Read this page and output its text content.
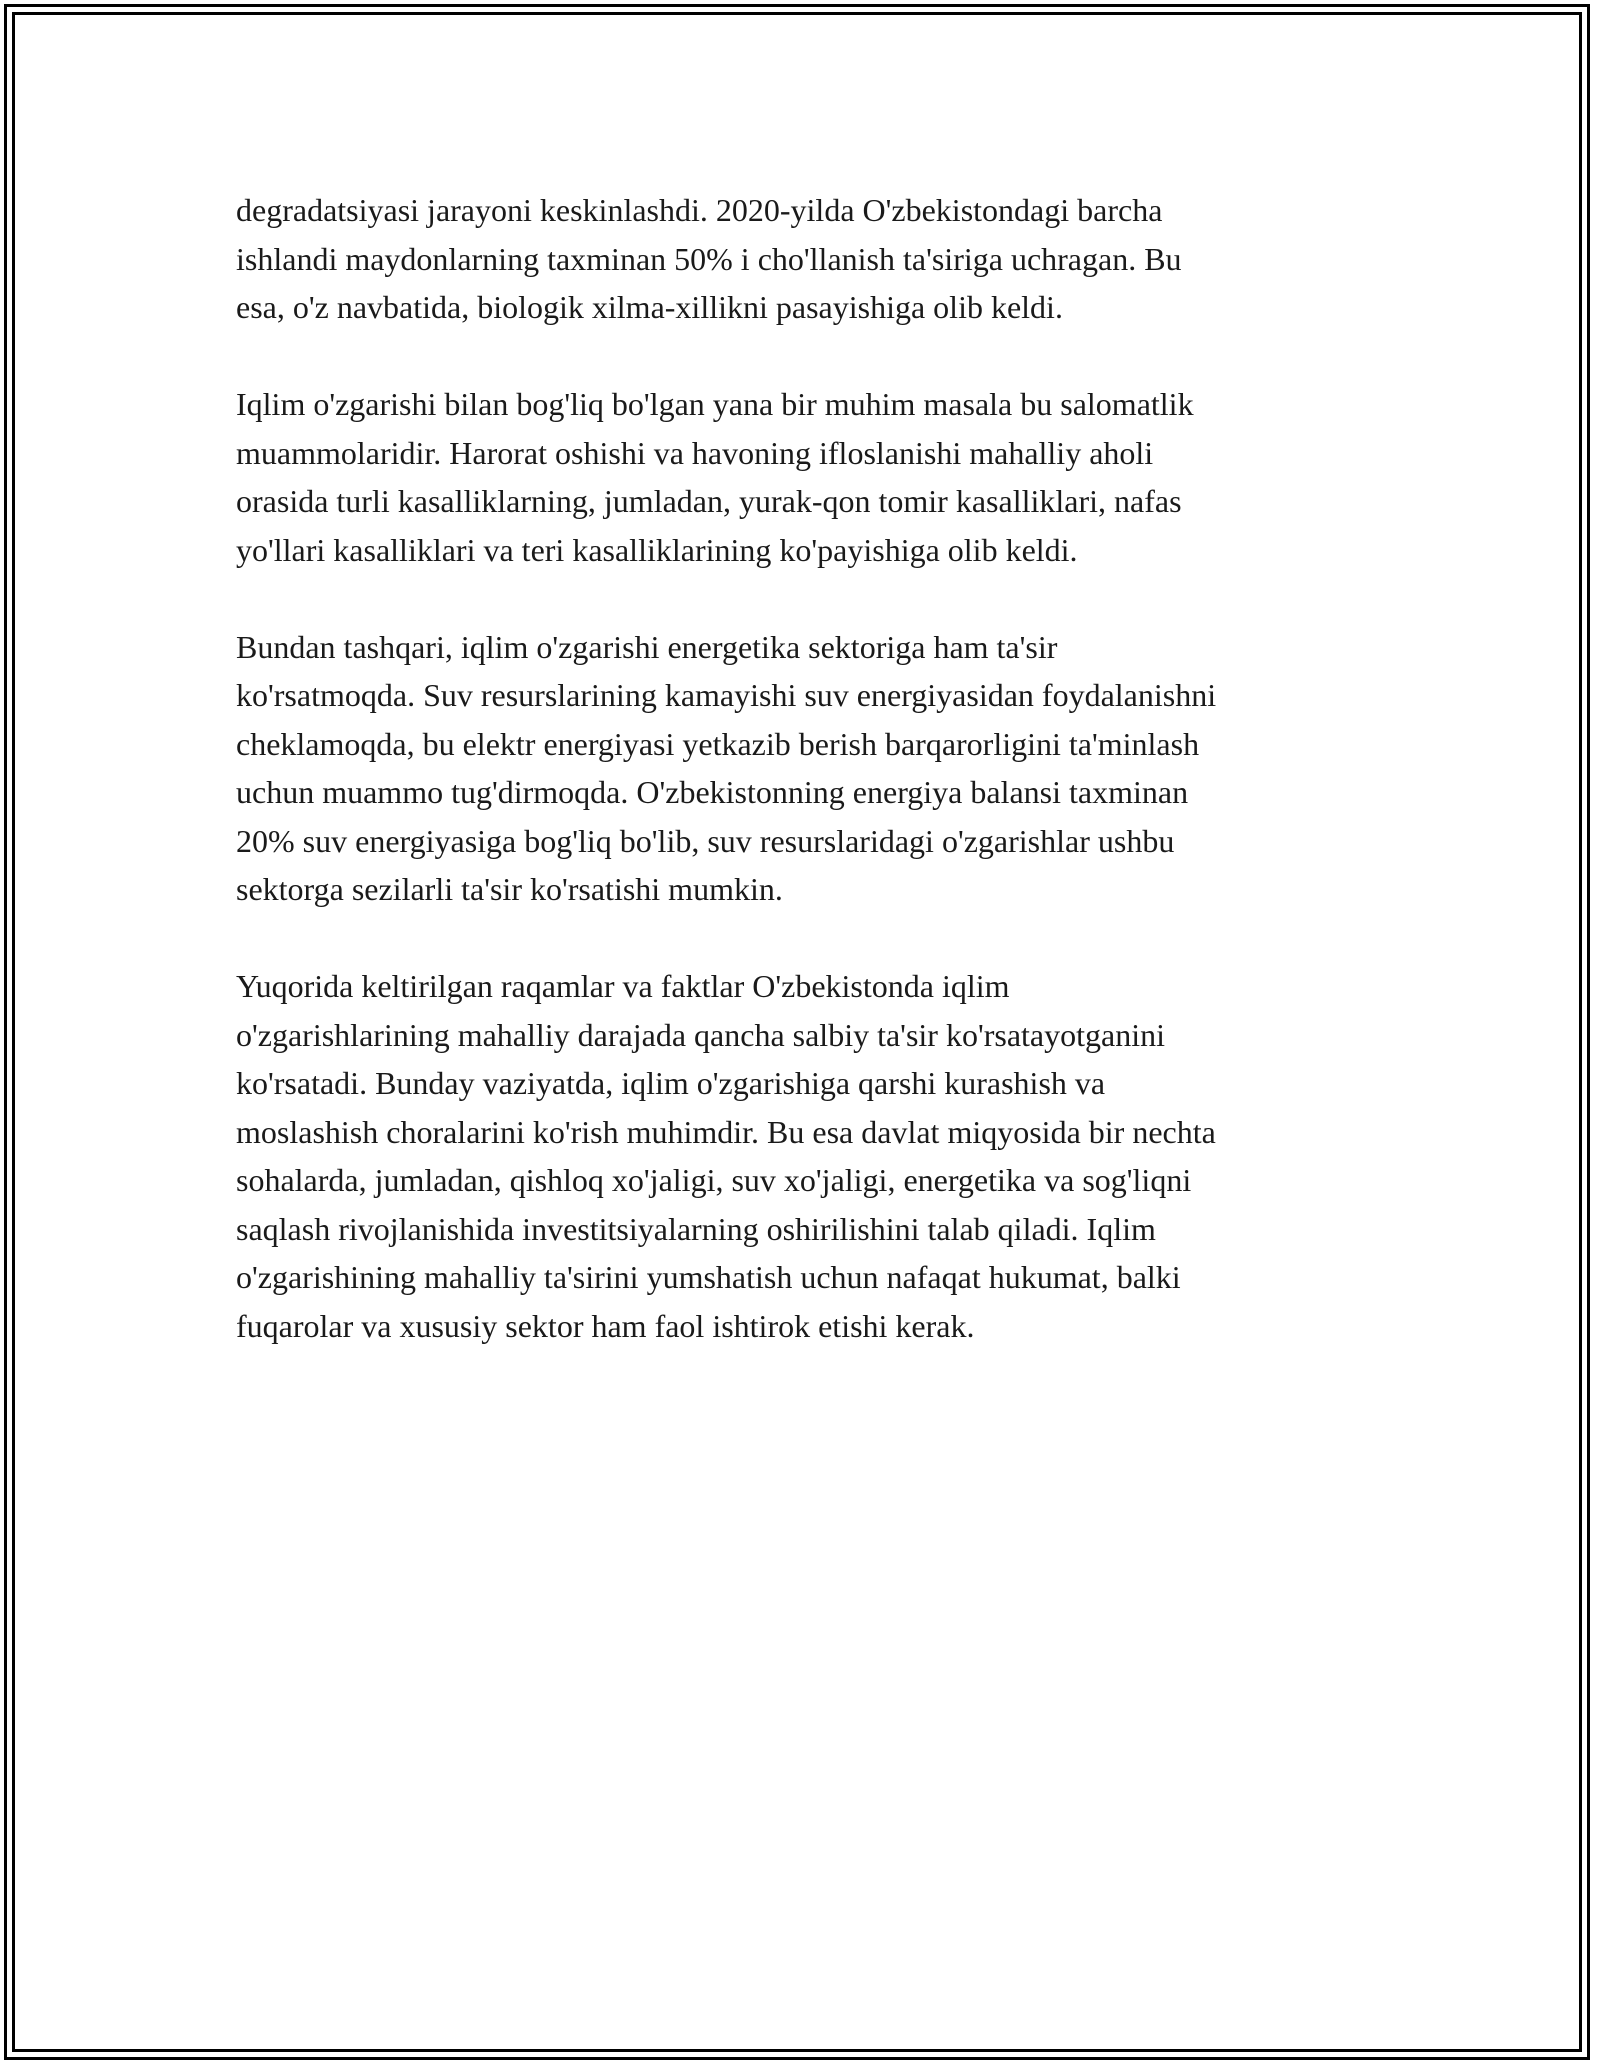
degradatsiyasi jarayoni keskinlashdi. 2020-yilda O'zbekistondagi barcha
ishlandi maydonlarning taxminan 50% i cho'llanish ta'siriga uchragan. Bu
esa, o'z navbatida, biologik xilma-xillikni pasayishiga olib keldi.

Iqlim o'zgarishi bilan bog'liq bo'lgan yana bir muhim masala bu salomatlik
muammolaridir. Harorat oshishi va havoning ifloslanishi mahalliy aholi
orasida turli kasalliklarning, jumladan, yurak-qon tomir kasalliklari, nafas
yo'llari kasalliklari va teri kasalliklarining ko'payishiga olib keldi.

Bundan tashqari, iqlim o'zgarishi energetika sektoriga ham ta'sir
ko'rsatmoqda. Suv resurslarining kamayishi suv energiyasidan foydalanishni
cheklamoqda, bu elektr energiyasi yetkazib berish barqarorligini ta'minlash
uchun muammo tug'dirmoqda. O'zbekistonning energiya balansi taxminan
20% suv energiyasiga bog'liq bo'lib, suv resurslaridagi o'zgarishlar ushbu
sektorga sezilarli ta'sir ko'rsatishi mumkin.

Yuqorida keltirilgan raqamlar va faktlar O'zbekistonda iqlim
o'zgarishlarining mahalliy darajada qancha salbiy ta'sir ko'rsatayotganini
ko'rsatadi. Bunday vaziyatda, iqlim o'zgarishiga qarshi kurashish va
moslashish choralarini ko'rish muhimdir. Bu esa davlat miqyosida bir nechta
sohalarda, jumladan, qishloq xo'jaligi, suv xo'jaligi, energetika va sog'liqni
saqlash rivojlanishida investitsiyalarning oshirilishini talab qiladi. Iqlim
o'zgarishining mahalliy ta'sirini yumshatish uchun nafaqat hukumat, balki
fuqarolar va xususiy sektor ham faol ishtirok etishi kerak.
